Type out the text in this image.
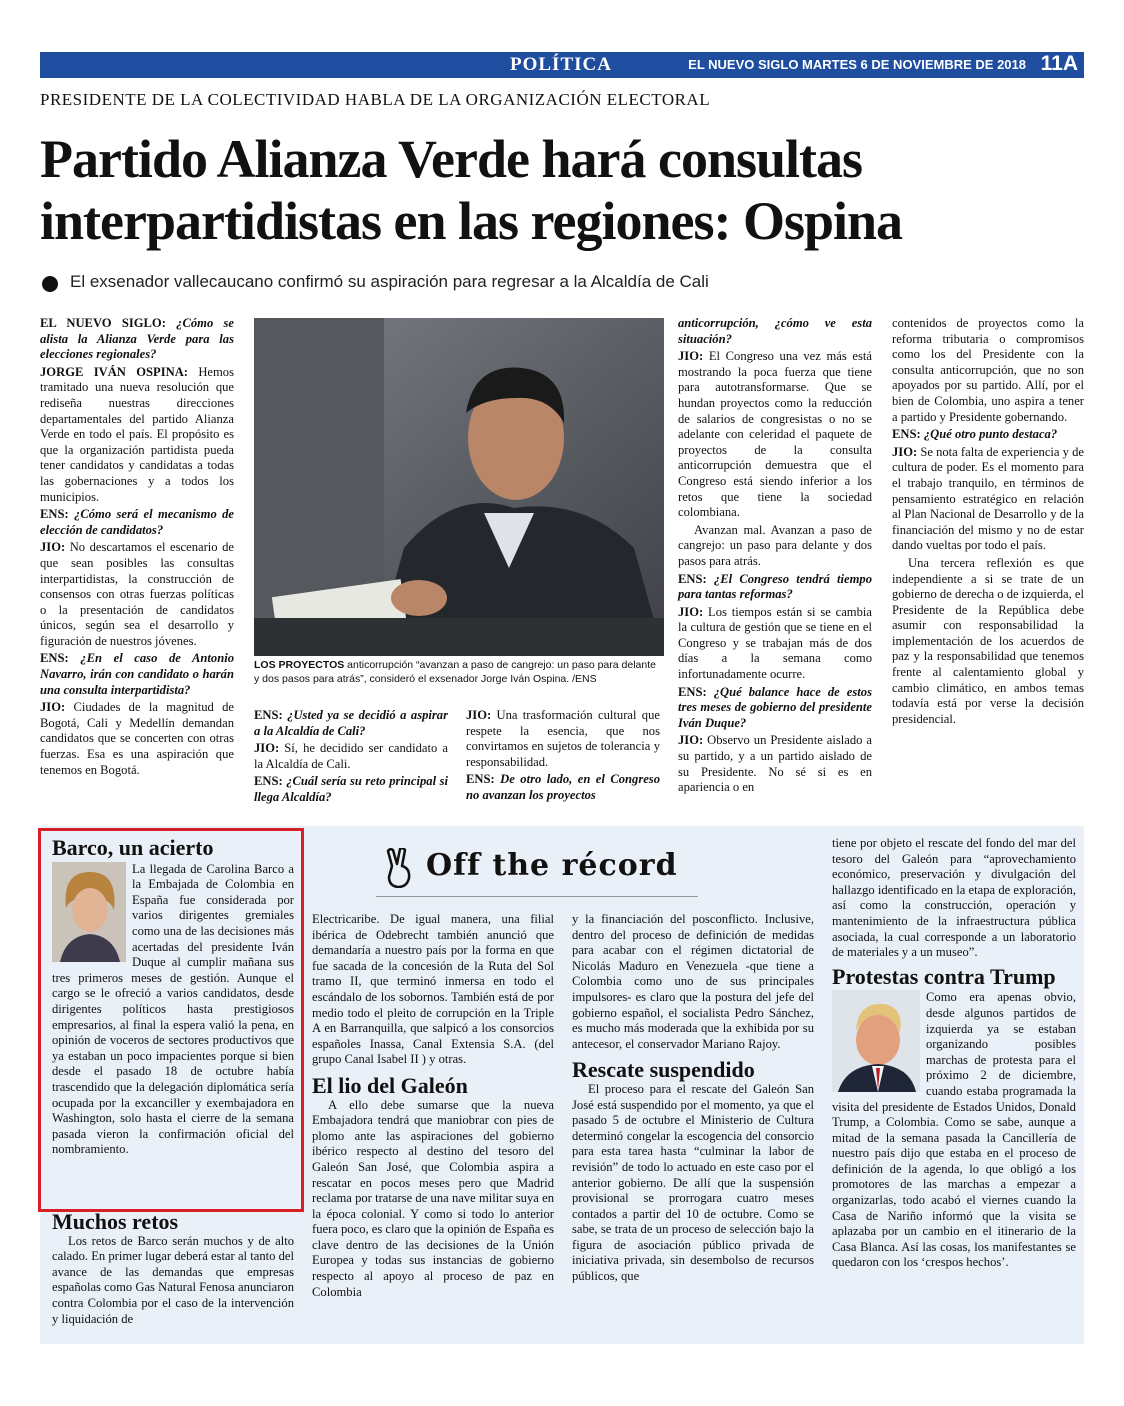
POLÍTICA	EL NUEVO SIGLO MARTES 6 DE NOVIEMBRE DE 2018 11A
PRESIDENTE DE LA COLECTIVIDAD HABLA DE LA ORGANIZACIÓN ELECTORAL
Partido Alianza Verde hará consultas
interpartidistas en las regiones: Ospina
El exsenador vallecaucano confirmó su aspiración para regresar a la Alcaldía de Cali

EL NUEVO SIGLO: ¿Cómo se alista la Alianza Verde para las elecciones regionales?

JORGE IVÁN OSPINA: Hemos tramitado una nueva resolución que rediseña nuestras direcciones departamentales del partido Alianza Verde en todo el país. El propósito es que la organización partidista pueda tener candidatos y candidatas a todas las gobernaciones y a todos los municipios.

ENS: ¿Cómo será el mecanismo de elección de candidatos?

JIO: No descartamos el escenario de que sean posibles las consultas interpartidistas, la construcción de consensos con otras fuerzas políticas o la presentación de candidatos únicos, según sea el desarrollo y figuración de nuestros jóvenes.

ENS: ¿En el caso de Antonio Navarro, irán con candidato o harán una consulta interpartidista?

JIO: Ciudades de la magnitud de Bogotá, Cali y Medellín demandan candidatos que se concerten con otras fuerzas. Esa es una aspiración que tenemos en Bogotá.

LOS PROYECTOS anticorrupción “avanzan a paso de cangrejo: un paso para delante y dos pasos para atrás”, consideró el exsenador Jorge Iván Ospina. /ENS

ENS: ¿Usted ya se decidió a aspirar a la Alcaldía de Cali?

JIO: Sí, he decidido ser candidato a la Alcaldía de Cali.

ENS: ¿Cuál sería su reto principal si llega Alcaldía?

JIO: Una trasformación cultural que respete la esencia, que nos convirtamos en sujetos de tolerancia y responsabilidad.

ENS: De otro lado, en el Congreso no avanzan los proyectos

anticorrupción, ¿cómo ve esta situación?

JIO: El Congreso una vez más está mostrando la poca fuerza que tiene para autotransformarse. Que se hundan proyectos como la reducción de salarios de congresistas o no se adelante con celeridad el paquete de proyectos de la consulta anticorrupción demuestra que el Congreso está siendo inferior a los retos que tiene la sociedad colombiana.

Avanzan mal. Avanzan a paso de cangrejo: un paso para delante y dos pasos para atrás.

ENS: ¿El Congreso tendrá tiempo para tantas reformas?

JIO: Los tiempos están si se cambia la cultura de gestión que se tiene en el Congreso y se trabajan más de dos días a la semana como infortunadamente ocurre.

ENS: ¿Qué balance hace de estos tres meses de gobierno del presidente Iván Duque?

JIO: Observo un Presidente aislado a su partido, y a un partido aislado de su Presidente. No sé si es en apariencia o en

contenidos de proyectos como la reforma tributaria o compromisos como los del Presidente con la consulta anticorrupción, que no son apoyados por su partido. Allí, por el bien de Colombia, uno aspira a tener a partido y Presidente gobernando.

ENS: ¿Qué otro punto destaca?

JIO: Se nota falta de experiencia y de cultura de poder. Es el momento para el trabajo tranquilo, en términos de pensamiento estratégico en relación al Plan Nacional de Desarrollo y de la financiación del mismo y no de estar dando vueltas por todo el país.

Una tercera reflexión es que independiente a si se trate de un gobierno de derecha o de izquierda, el Presidente de la República debe asumir con responsabilidad la implementación de los acuerdos de paz y la responsabilidad que tenemos frente al calentamiento global y cambio climático, en ambos temas todavía está por verse la decisión presidencial.

Barco, un acierto
La llegada de Carolina Barco a la Embajada de Colombia en España fue considerada por varios dirigentes gremiales como una de las decisiones más acertadas del presidente Iván Duque al cumplir mañana sus tres primeros meses de gestión. Aunque el cargo se le ofreció a varios candidatos, desde dirigentes políticos hasta prestigiosos empresarios, al final la espera valió la pena, en opinión de voceros de sectores productivos que ya estaban un poco impacientes porque si bien desde el pasado 18 de octubre había trascendido que la delegación diplomática sería ocupada por la excanciller y exembajadora en Washington, solo hasta el cierre de la semana pasada vieron la confirmación oficial del nombramiento.
Muchos retos
Los retos de Barco serán muchos y de alto calado. En primer lugar deberá estar al tanto del avance de las demandas que empresas españolas como Gas Natural Fenosa anunciaron contra Colombia por el caso de la intervención y liquidación de
Off the récord
Electricaribe. De igual manera, una filial ibérica de Odebrecht también anunció que demandaría a nuestro país por la forma en que fue sacada de la concesión de la Ruta del Sol tramo II, que terminó inmersa en todo el escándalo de los sobornos. También está de por medio todo el pleito de corrupción en la Triple A en Barranquilla, que salpicó a los consorcios españoles Inassa, Canal Extensia S.A. (del grupo Canal Isabel II ) y otras.
El lio del Galeón
A ello debe sumarse que la nueva Embajadora tendrá que maniobrar con pies de plomo ante las aspiraciones del gobierno ibérico respecto al destino del tesoro del Galeón San José, que Colombia aspira a rescatar en pocos meses pero que Madrid reclama por tratarse de una nave militar suya en la época colonial. Y como si todo lo anterior fuera poco, es claro que la opinión de España es clave dentro de las decisiones de la Unión Europea y todas sus instancias de gobierno respecto al apoyo al proceso de paz en Colombia
y la financiación del posconflicto. Inclusive, dentro del proceso de definición de medidas para acabar con el régimen dictatorial de Nicolás Maduro en Venezuela -que tiene a Colombia como uno de sus principales impulsores- es claro que la postura del jefe del gobierno español, el socialista Pedro Sánchez, es mucho más moderada que la exhibida por su antecesor, el conservador Mariano Rajoy.
Rescate suspendido
El proceso para el rescate del Galeón San José está suspendido por el momento, ya que el pasado 5 de octubre el Ministerio de Cultura determinó congelar la escogencia del consorcio para esta tarea hasta “culminar la labor de revisión” de todo lo actuado en este caso por el anterior gobierno. De allí que la suspensión provisional se prorrogara cuatro meses contados a partir del 10 de octubre. Como se sabe, se trata de un proceso de selección bajo la figura de asociación público privada de iniciativa privada, sin desembolso de recursos públicos, que
tiene por objeto el rescate del fondo del mar del tesoro del Galeón para “aprovechamiento económico, preservación y divulgación del hallazgo identificado en la etapa de exploración, así como la construcción, operación y mantenimiento de la infraestructura pública asociada, la cual corresponde a un laboratorio de materiales y a un museo”.
Protestas contra Trump
Como era apenas obvio, desde algunos partidos de izquierda ya se estaban organizando posibles marchas de protesta para el próximo 2 de diciembre, cuando estaba programada la visita del presidente de Estados Unidos, Donald Trump, a Colombia. Como se sabe, aunque a mitad de la semana pasada la Cancillería de nuestro país dijo que estaba en el proceso de definición de la agenda, lo que obligó a los promotores de las marchas a empezar a organizarlas, todo acabó el viernes cuando la Casa de Nariño informó que la visita se aplazaba por un cambio en el itinerario de la Casa Blanca. Así las cosas, los manifestantes se quedaron con los ‘crespos hechos’.
